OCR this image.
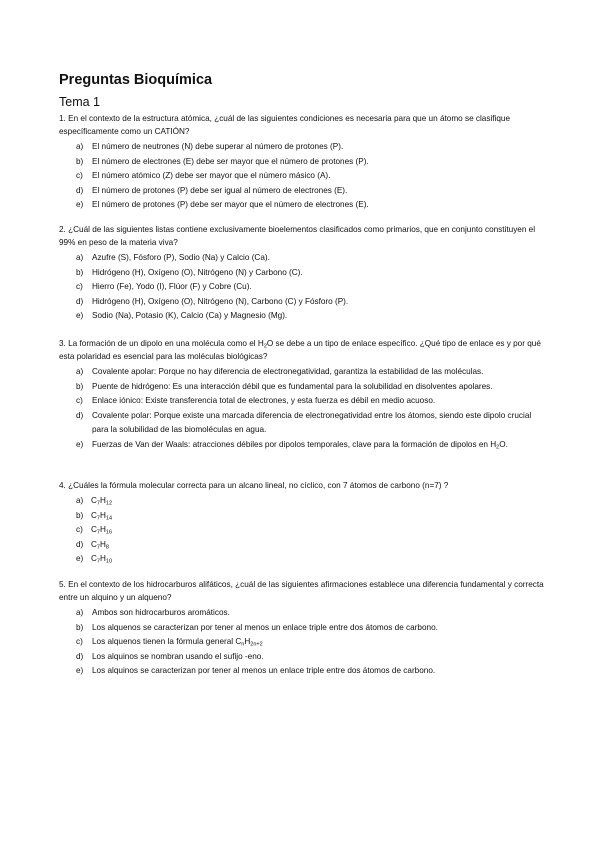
Preguntas Bioquímica
Tema 1

1. En el contexto de la estructura atómica, ¿cuál de las siguientes condiciones es necesaria para que un átomo se clasifique específicamente como un CATIÓN?

a)	El número de neutrones (N) debe superar al número de protones (P).
b)	El número de electrones (E) debe ser mayor que el número de protones (P).
c)	El número atómico (Z) debe ser mayor que el número másico (A).
d)	El número de protones (P) debe ser igual al número de electrones (E).
e)	El número de protones (P) debe ser mayor que el número de electrones (E).

2. ¿Cuál de las siguientes listas contiene exclusivamente bioelementos clasificados como primarios, que en conjunto constituyen el 99% en peso de la materia viva?

a)	Azufre (S), Fósforo (P), Sodio (Na) y Calcio (Ca).
b)	Hidrógeno (H), Oxígeno (O), Nitrógeno (N) y Carbono (C).
c)	Hierro (Fe), Yodo (I), Flúor (F) y Cobre (Cu).
d)	Hidrógeno (H), Oxígeno (O), Nitrógeno (N), Carbono (C) y Fósforo (P).
e)	Sodio (Na), Potasio (K), Calcio (Ca) y Magnesio (Mg).

3. La formación de un dipolo en una molécula como el $H_2O$ se debe a un tipo de enlace específico. ¿Qué tipo de enlace es y por qué esta polaridad es esencial para las moléculas biológicas?

a)	Covalente apolar: Porque no hay diferencia de electronegatividad, garantiza la estabilidad de las moléculas.
b)	Puente de hidrógeno: Es una interacción débil que es fundamental para la solubilidad en disolventes apolares.
c)	Enlace iónico: Existe transferencia total de electrones, y esta fuerza es débil en medio acuoso.
d)	Covalente polar: Porque existe una marcada diferencia de electronegatividad entre los átomos, siendo este dipolo crucial para la solubilidad de las biomoléculas en agua.
e)	Fuerzas de Van der Waals: atracciones débiles por dipolos temporales, clave para la formación de dipolos en $H_2O$.

4. ¿Cuáles la fórmula molecular correcta para un alcano lineal, no cíclico, con 7 átomos de carbono (n=7) ?

a) $C_7H_{12}$
b) $C_7H_{14}$
c) $C_7H_{16}$
d) $C_7H_8$
e) $C_7H_{10}$

5. En el contexto de los hidrocarburos alifáticos, ¿cuál de las siguientes afirmaciones establece una diferencia fundamental y correcta entre un alquino y un alqueno?

a)	Ambos son hidrocarburos aromáticos.
b)	Los alquenos se caracterizan por tener al menos un enlace triple entre dos átomos de carbono.
c)	Los alquenos tienen la fórmula general $C_nH_{2n+2}$
d)	Los alquinos se nombran usando el sufijo -eno.
e)	Los alquinos se caracterizan por tener al menos un enlace triple entre dos átomos de carbono.
